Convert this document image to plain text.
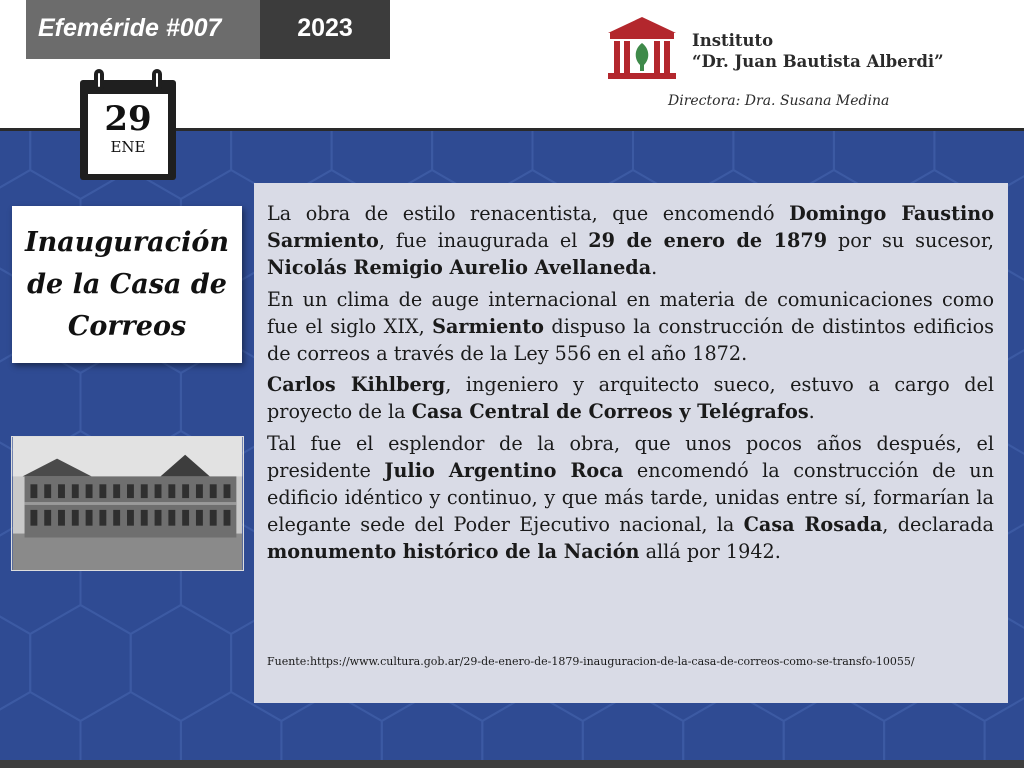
Efeméride #007	2023	Instituto
“Dr. Juan Bautista Alberdi”
Directora: Dra. Susana Medina
29
ENE
Inauguración de la Casa de Correos

La obra de estilo renacentista, que encomendó Domingo Faustino Sarmiento, fue inaugurada el 29 de enero de 1879 por su sucesor, Nicolás Remigio Aurelio Avellaneda.

En un clima de auge internacional en materia de comunicaciones como fue el siglo XIX, Sarmiento dispuso la construcción de distintos edificios de correos a través de la Ley 556 en el año 1872.

Carlos Kihlberg, ingeniero y arquitecto sueco, estuvo a cargo del proyecto de la Casa Central de Correos y Telégrafos.

Tal fue el esplendor de la obra, que unos pocos años después, el presidente Julio Argentino Roca encomendó la construcción de un edificio idéntico y continuo, y que más tarde, unidas entre sí, formarían la elegante sede del Poder Ejecutivo nacional, la Casa Rosada, declarada monumento histórico de la Nación allá por 1942.

Fuente:https://www.cultura.gob.ar/29-de-enero-de-1879-inauguracion-de-la-casa-de-correos-como-se-transfo-10055/
